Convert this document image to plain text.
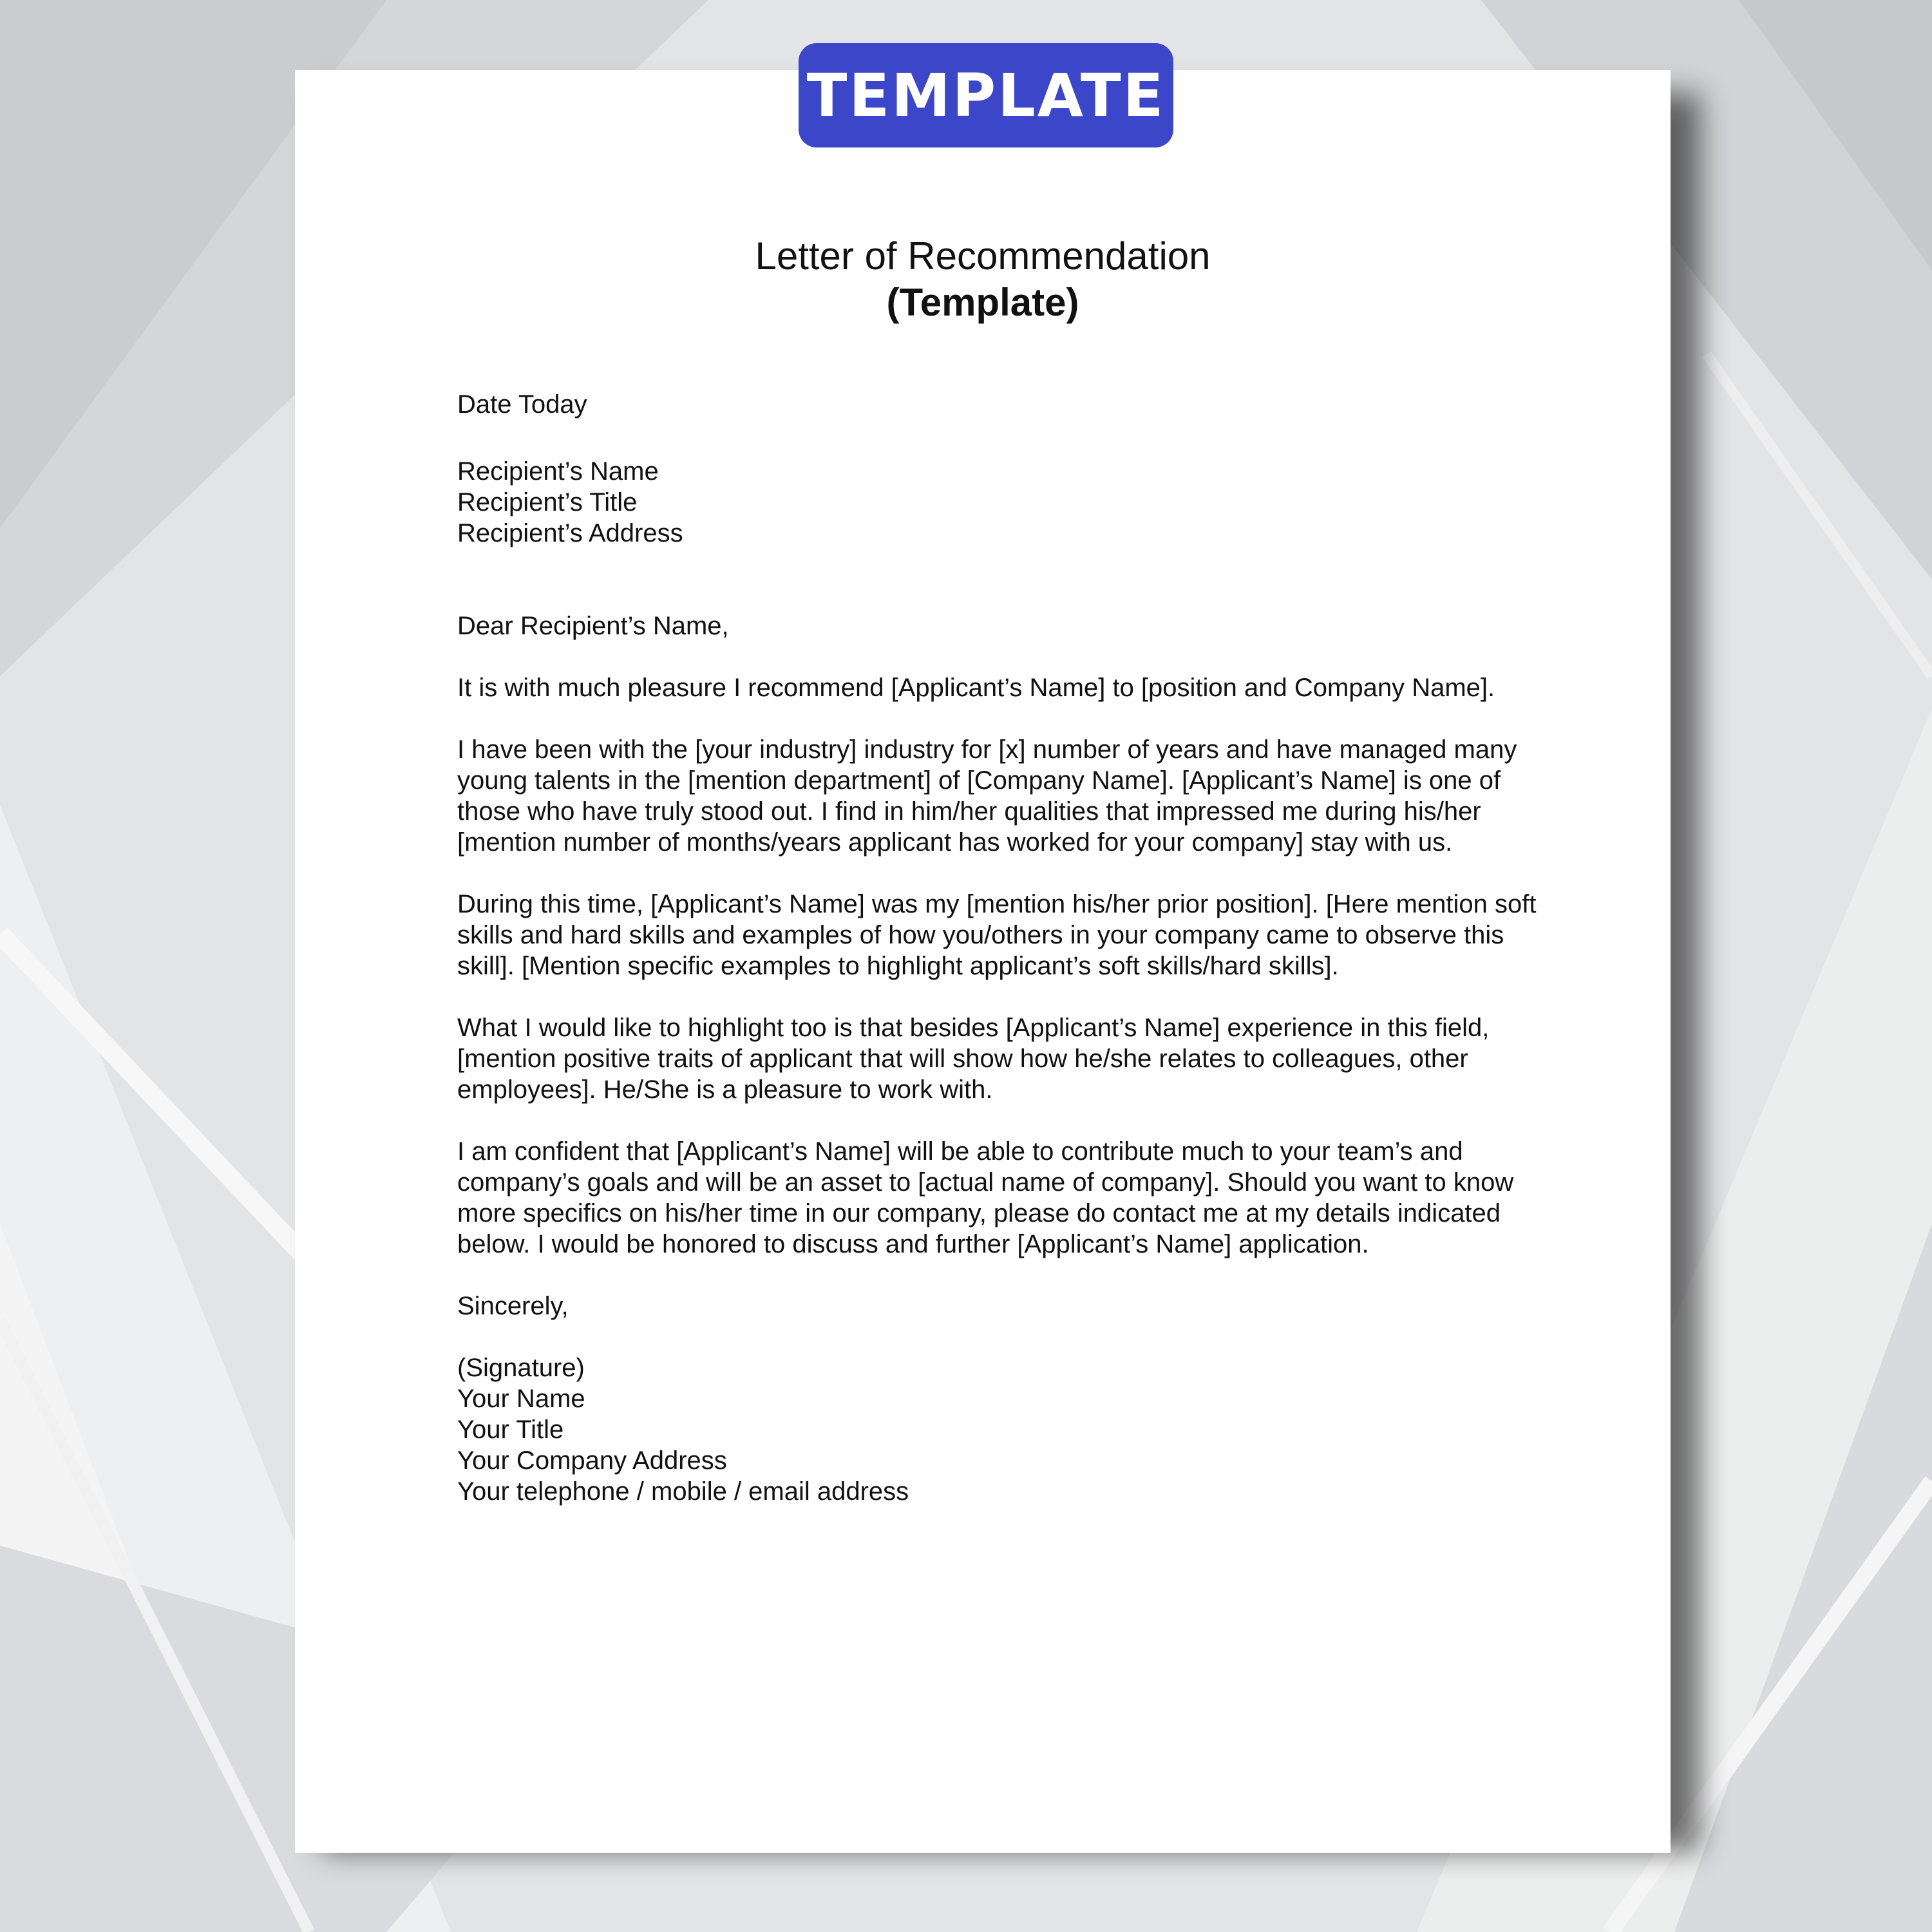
TEMPLATE
Letter of Recommendation
(Template)

Date Today

Recipient’s Name

Recipient’s Title

Recipient’s Address

Dear Recipient’s Name,

It is with much pleasure I recommend [Applicant’s Name] to [position and Company Name].

I have been with the [your industry] industry for [x] number of years and have managed many young talents in the [mention department] of [Company Name]. [Applicant’s Name] is one of those who have truly stood out. I find in him/her qualities that impressed me during his/her [mention number of months/years applicant has worked for your company] stay with us.

During this time, [Applicant’s Name] was my [mention his/her prior position]. [Here mention soft skills and hard skills and examples of how you/others in your company came to observe this skill]. [Mention specific examples to highlight applicant’s soft skills/hard skills].

What I would like to highlight too is that besides [Applicant’s Name] experience in this field, [mention positive traits of applicant that will show how he/she relates to colleagues, other employees]. He/She is a pleasure to work with.

I am confident that [Applicant’s Name] will be able to contribute much to your team’s and company’s goals and will be an asset to [actual name of company]. Should you want to know more specifics on his/her time in our company, please do contact me at my details indicated below. I would be honored to discuss and further [Applicant’s Name] application.

Sincerely,

(Signature)

Your Name

Your Title

Your Company Address

Your telephone / mobile / email address
